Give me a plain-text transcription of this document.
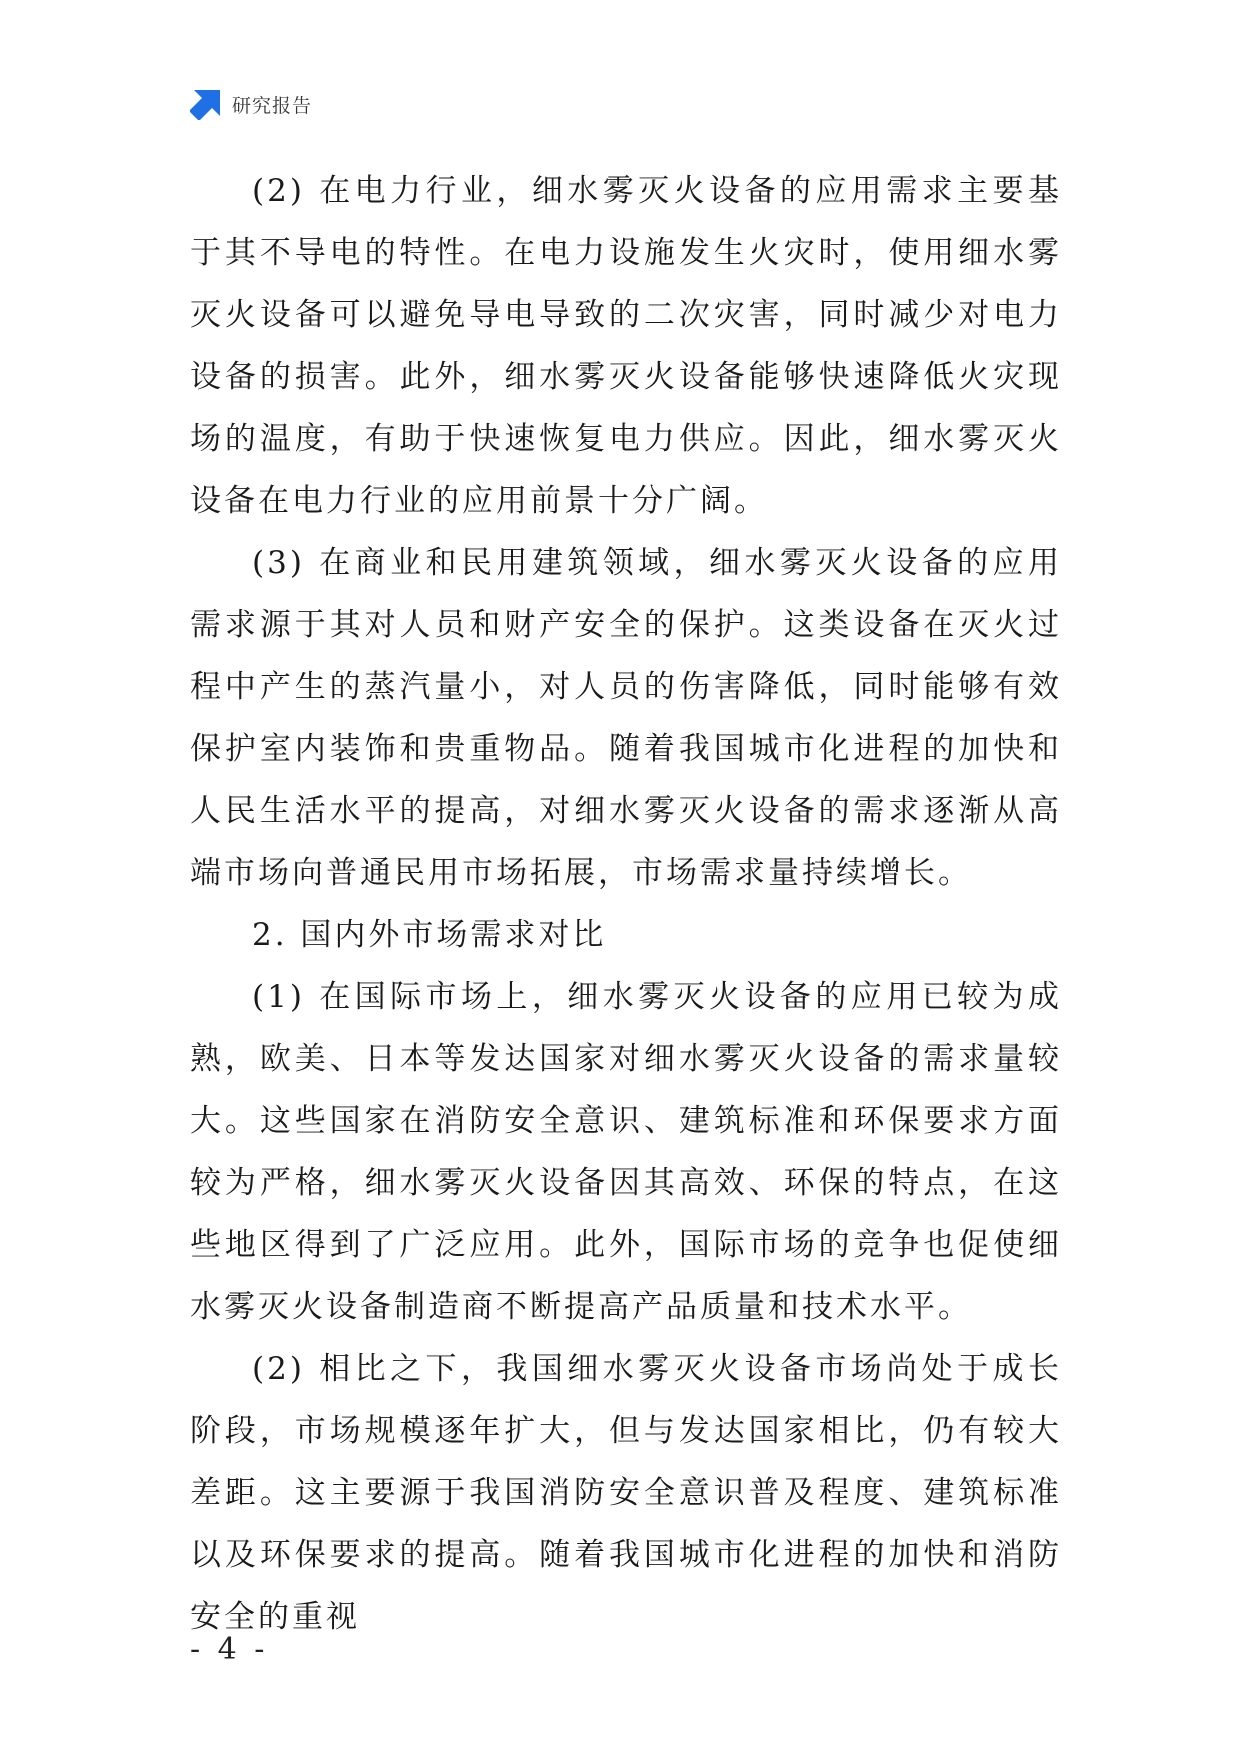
研究报告

(2) 在电力行业，细水雾灭火设备的应用需求主要基于其不导电的特性。在电力设施发生火灾时，使用细水雾灭火设备可以避免导电导致的二次灾害，同时减少对电力设备的损害。此外，细水雾灭火设备能够快速降低火灾现场的温度，有助于快速恢复电力供应。因此，细水雾灭火设备在电力行业的应用前景十分广阔。

(3) 在商业和民用建筑领域，细水雾灭火设备的应用需求源于其对人员和财产安全的保护。这类设备在灭火过程中产生的蒸汽量小，对人员的伤害降低，同时能够有效保护室内装饰和贵重物品。随着我国城市化进程的加快和人民生活水平的提高，对细水雾灭火设备的需求逐渐从高端市场向普通民用市场拓展，市场需求量持续增长。

2. 国内外市场需求对比

(1) 在国际市场上，细水雾灭火设备的应用已较为成熟，欧美、日本等发达国家对细水雾灭火设备的需求量较大。这些国家在消防安全意识、建筑标准和环保要求方面较为严格，细水雾灭火设备因其高效、环保的特点，在这些地区得到了广泛应用。此外，国际市场的竞争也促使细水雾灭火设备制造商不断提高产品质量和技术水平。

(2) 相比之下，我国细水雾灭火设备市场尚处于成长阶段，市场规模逐年扩大，但与发达国家相比，仍有较大差距。这主要源于我国消防安全意识普及程度、建筑标准以及环保要求的提高。随着我国城市化进程的加快和消防安全的重视

- 4 -
